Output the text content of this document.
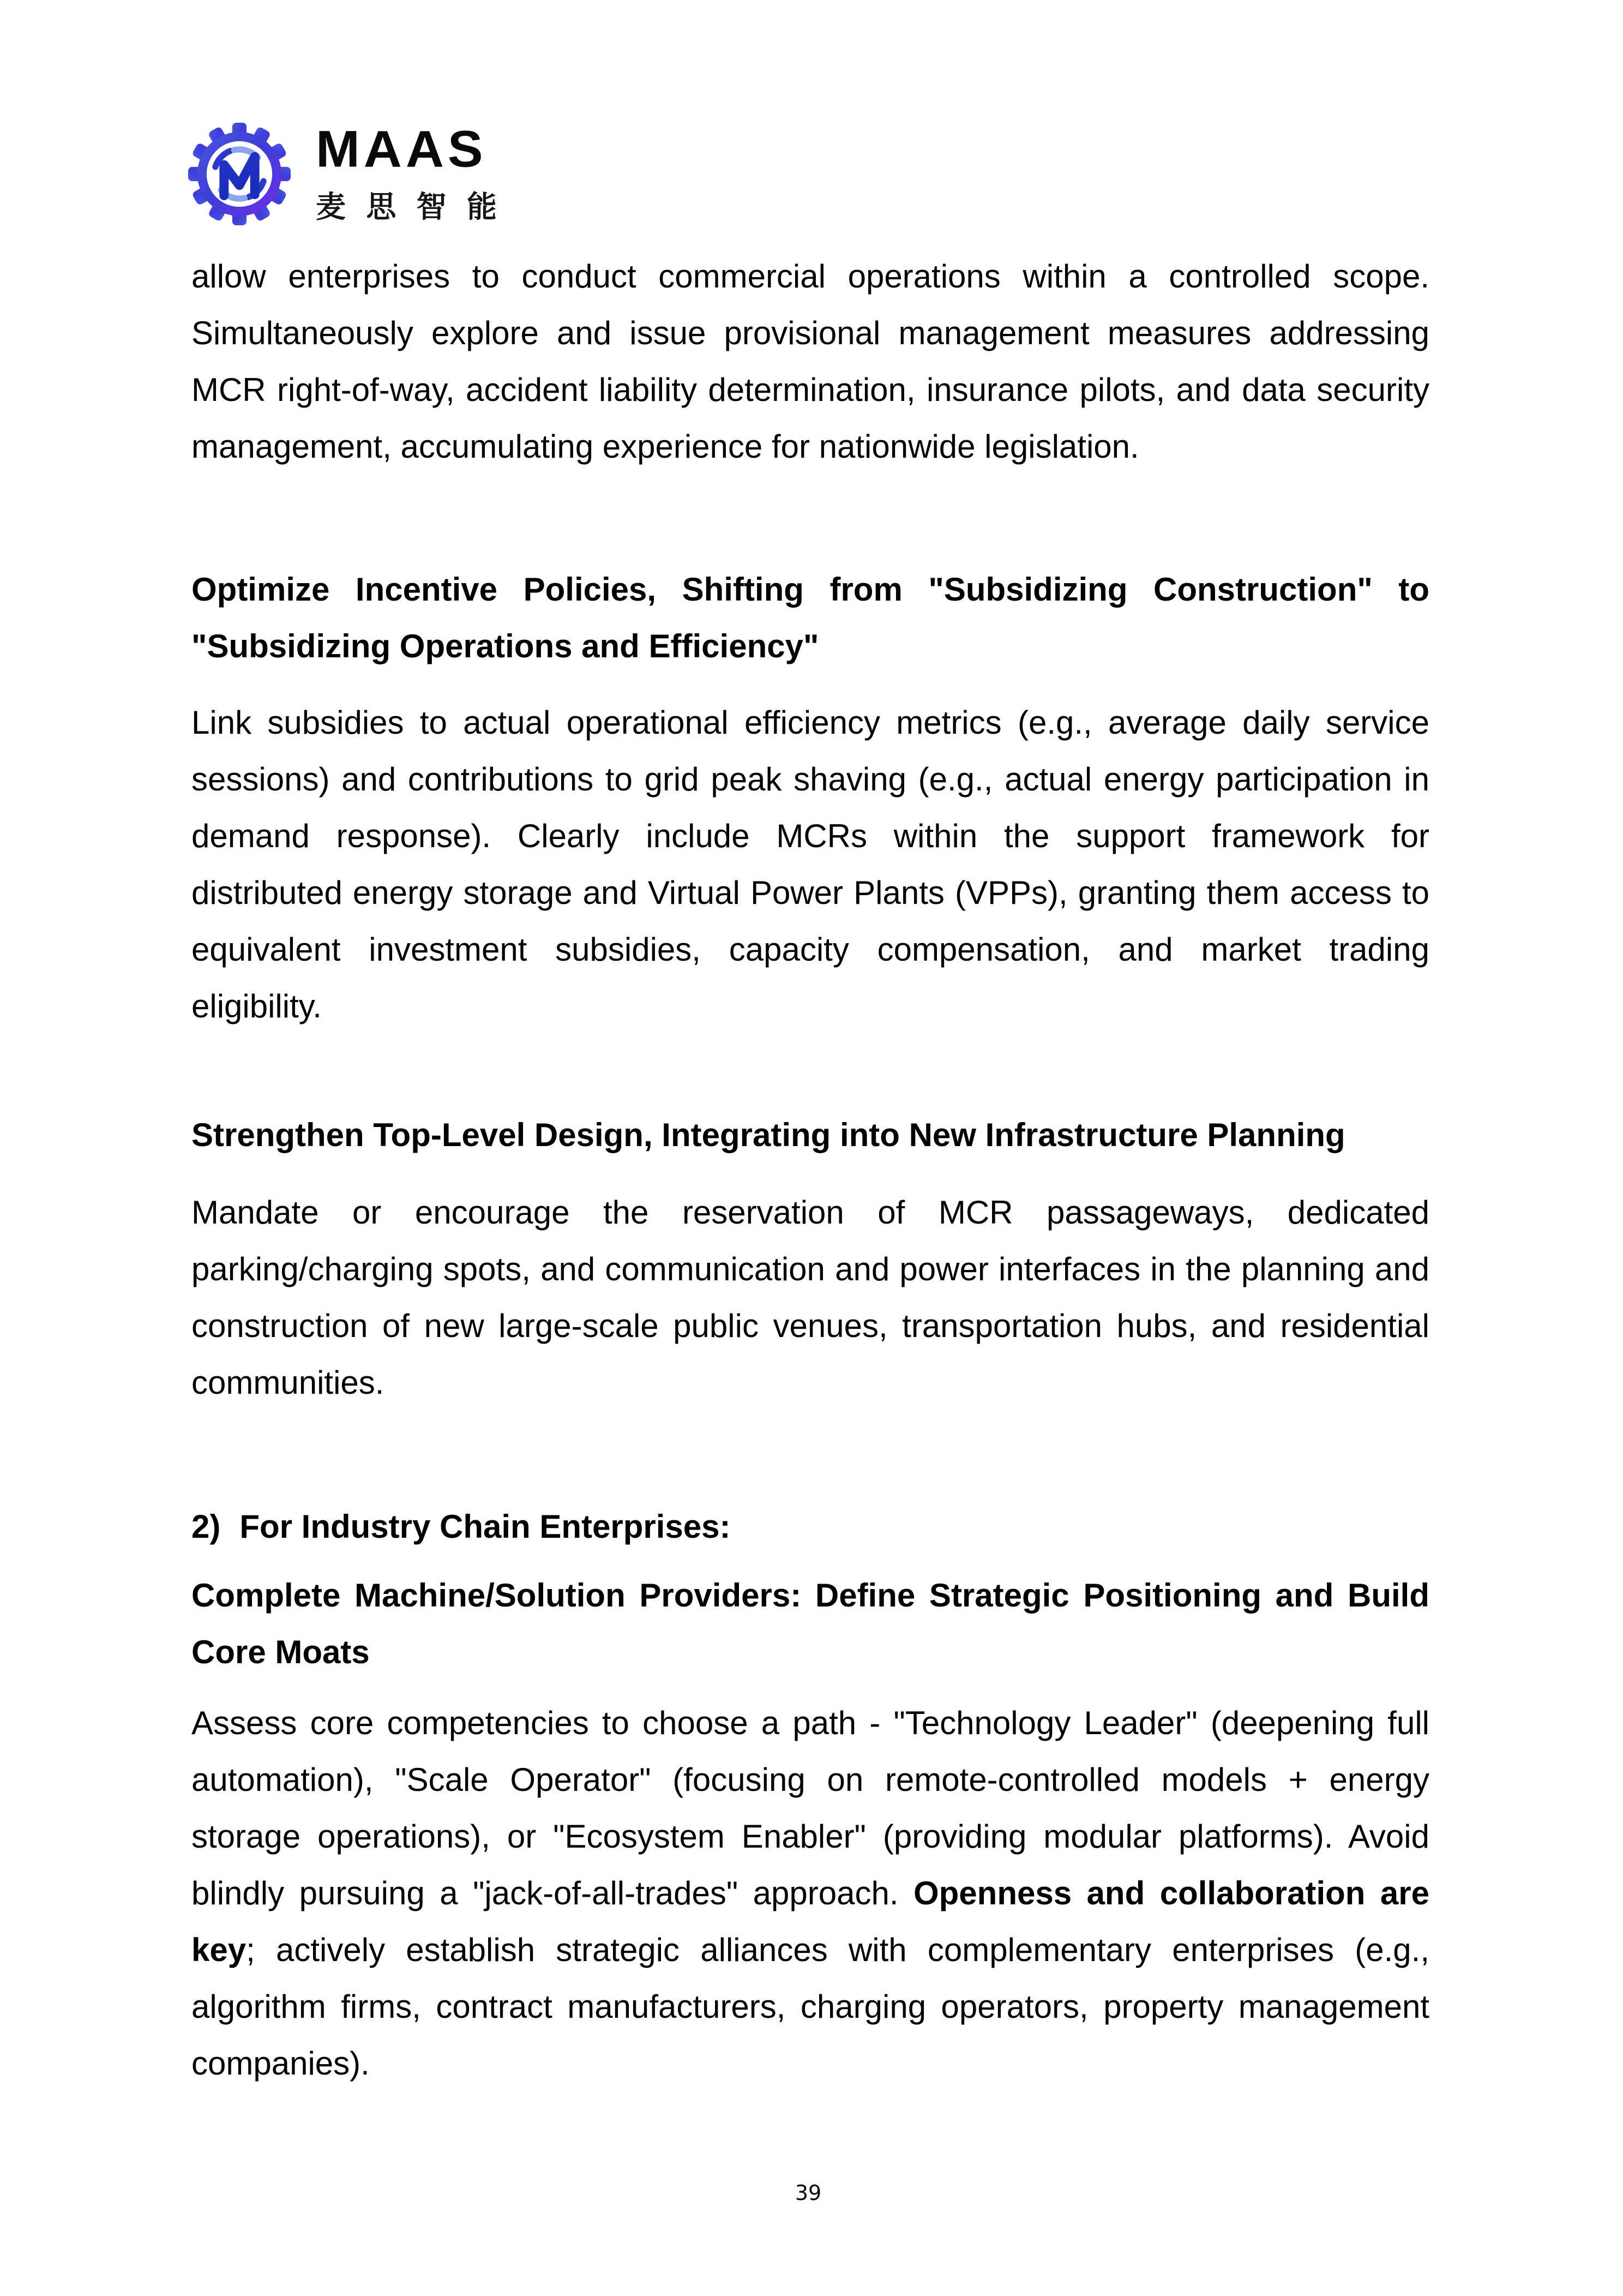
MAAS
麦 思 智 能

allow enterprises to conduct commercial operations within a controlled scope. Simultaneously explore and issue provisional management measures addressing MCR right-of-way, accident liability determination, insurance pilots, and data security management, accumulating experience for nationwide legislation.

Optimize Incentive Policies, Shifting from "Subsidizing Construction" to "Subsidizing Operations and Efficiency"

Link subsidies to actual operational efficiency metrics (e.g., average daily service sessions) and contributions to grid peak shaving (e.g., actual energy participation in demand response). Clearly include MCRs within the support framework for distributed energy storage and Virtual Power Plants (VPPs), granting them access to equivalent investment subsidies, capacity compensation, and market trading eligibility.

Strengthen Top-Level Design, Integrating into New Infrastructure Planning

Mandate or encourage the reservation of MCR passageways, dedicated parking/charging spots, and communication and power interfaces in the planning and construction of new large-scale public venues, transportation hubs, and residential communities.

2) For Industry Chain Enterprises:

Complete Machine/Solution Providers: Define Strategic Positioning and Build Core Moats

Assess core competencies to choose a path - "Technology Leader" (deepening full automation), "Scale Operator" (focusing on remote-controlled models + energy storage operations), or "Ecosystem Enabler" (providing modular platforms). Avoid blindly pursuing a "jack-of-all-trades" approach. Openness and collaboration are key; actively establish strategic alliances with complementary enterprises (e.g., algorithm firms, contract manufacturers, charging operators, property management companies).

39
